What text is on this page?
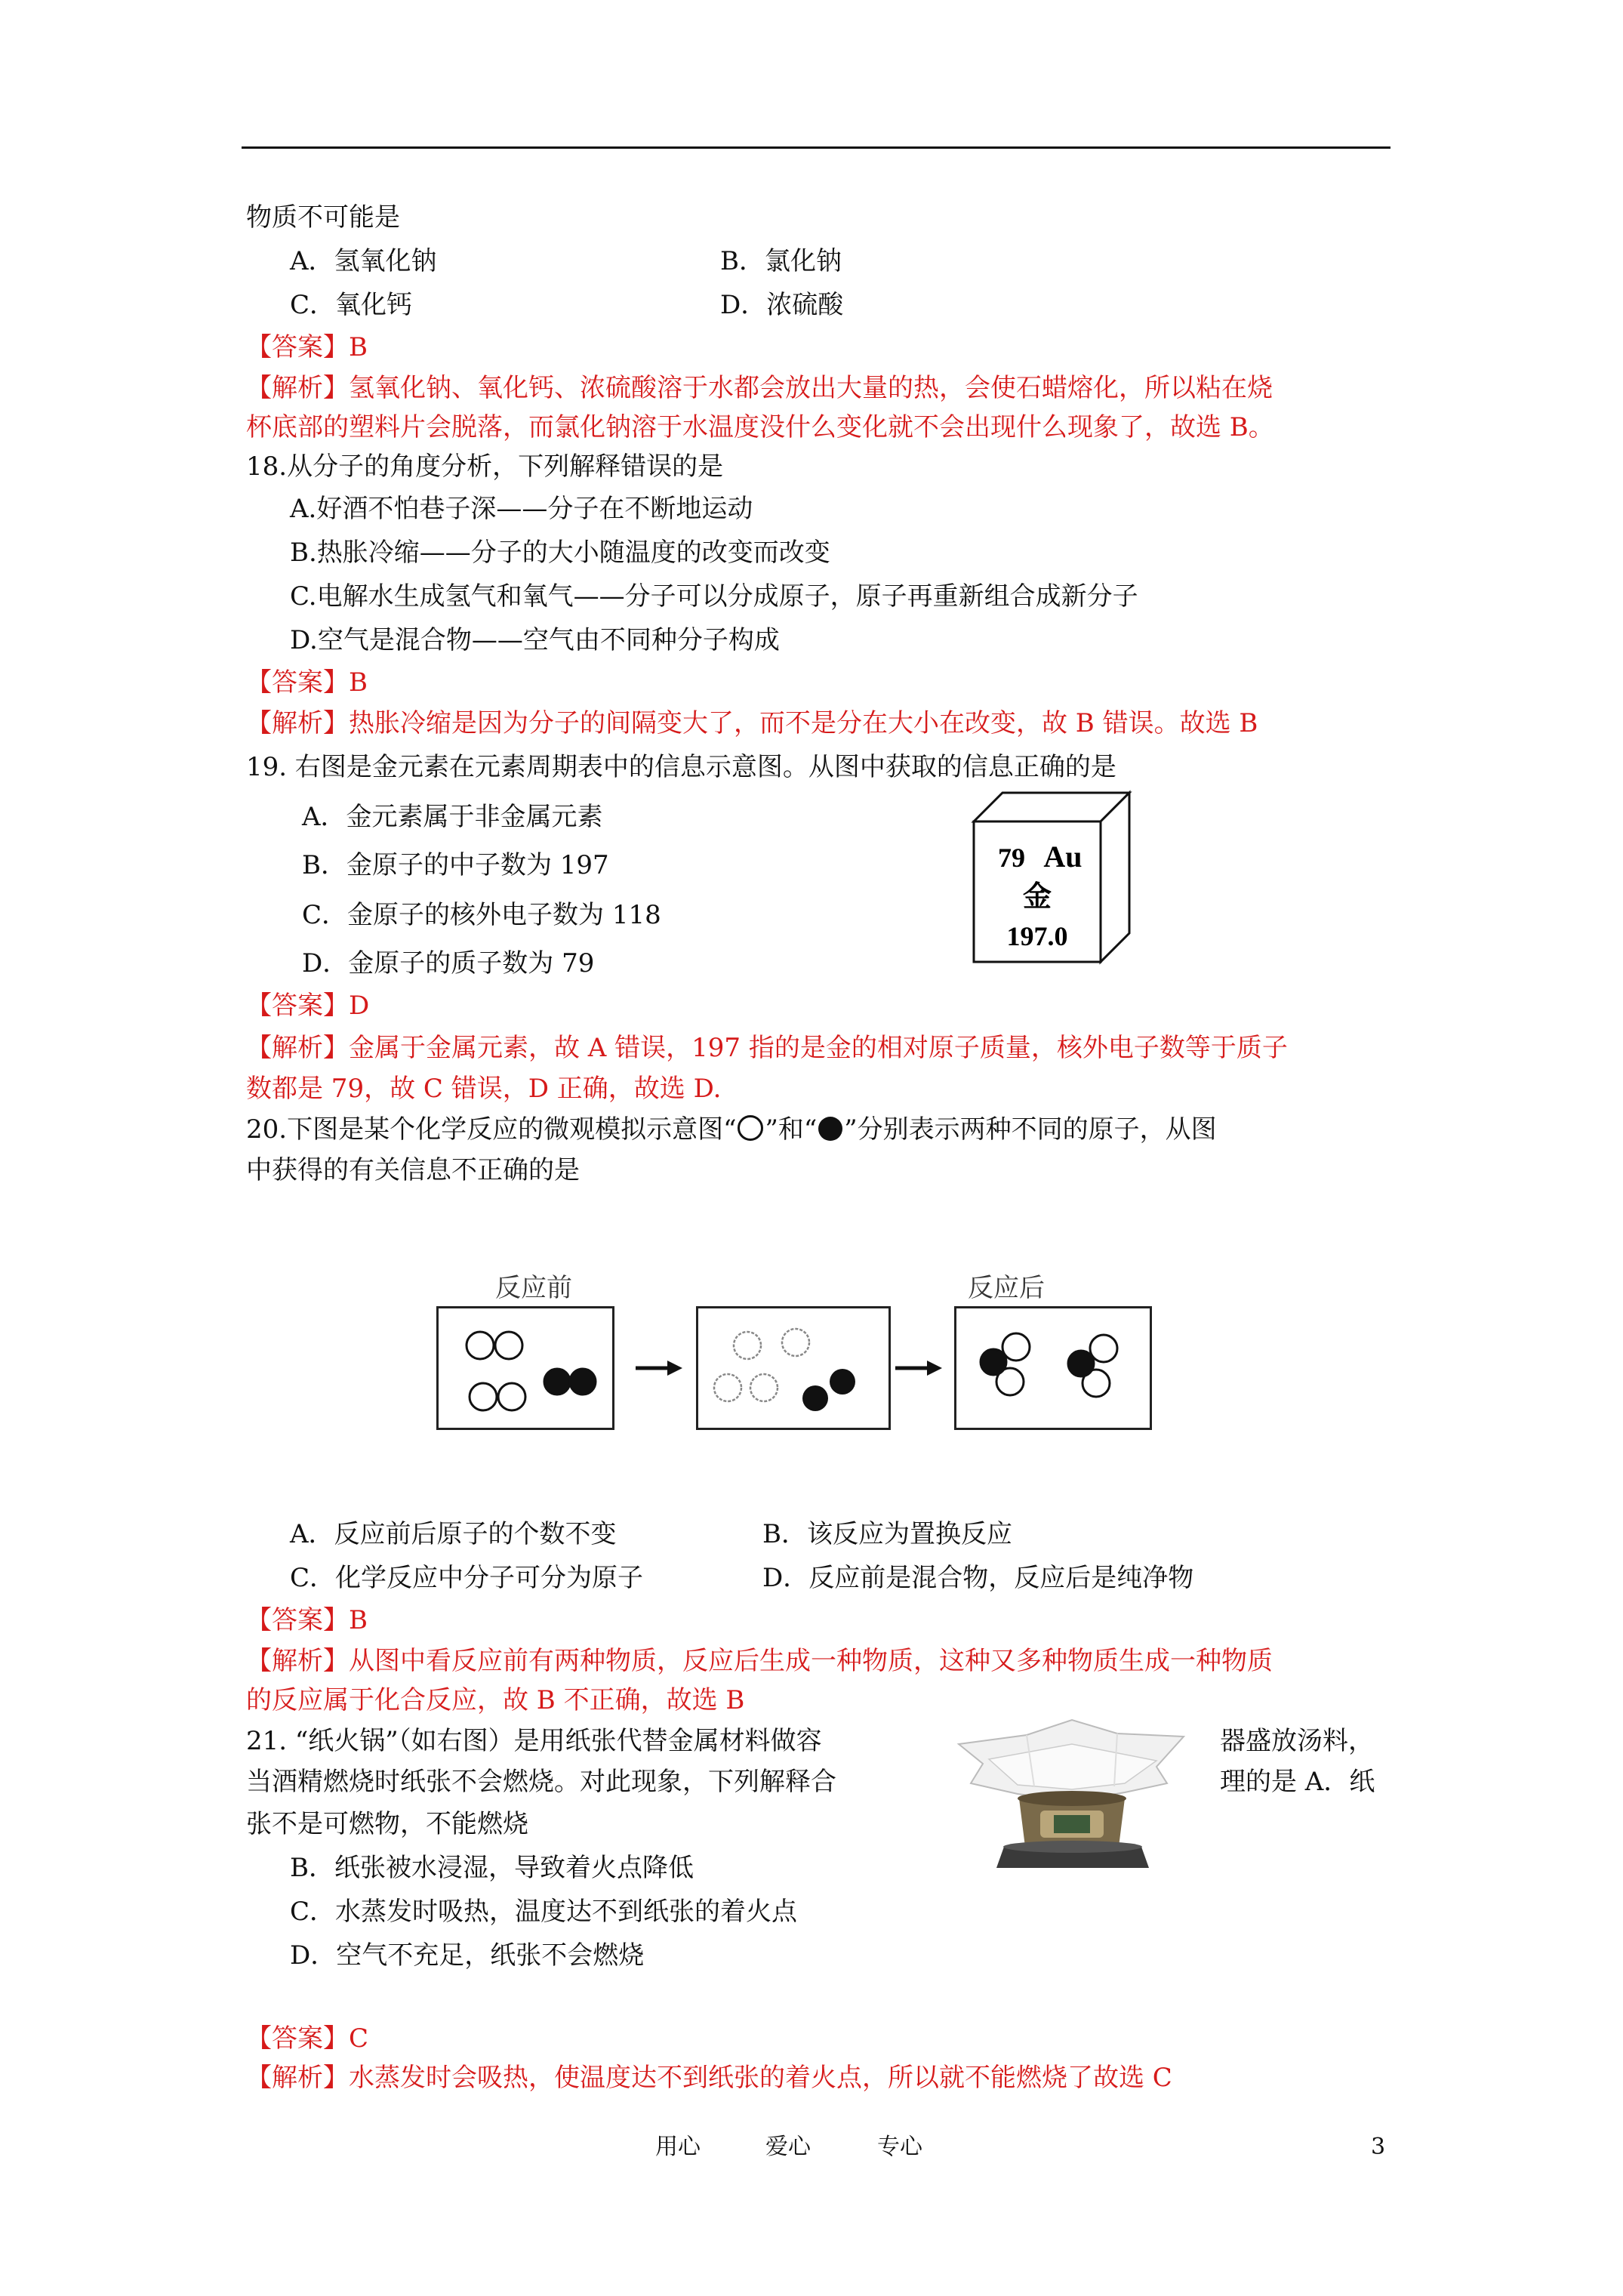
物质不可能是
A．氢氧化钠	B．氯化钠
C．氧化钙	D．浓硫酸
【答案】B
【解析】氢氧化钠、氧化钙、浓硫酸溶于水都会放出大量的热，会使石蜡熔化，所以粘在烧
杯底部的塑料片会脱落，而氯化钠溶于水温度没什么变化就不会出现什么现象了，故选 B。
18.从分子的角度分析，下列解释错误的是
A.好酒不怕巷子深——分子在不断地运动
B.热胀冷缩——分子的大小随温度的改变而改变
C.电解水生成氢气和氧气——分子可以分成原子，原子再重新组合成新分子
D.空气是混合物——空气由不同种分子构成
【答案】B
【解析】热胀冷缩是因为分子的间隔变大了，而不是分在大小在改变，故 B 错误。故选 B
19. 右图是金元素在元素周期表中的信息示意图。从图中获取的信息正确的是
A．金元素属于非金属元素
B．金原子的中子数为 197
C．金原子的核外电子数为 118
D．金原子的质子数为 79
79 Au
金
197.0
【答案】D
【解析】金属于金属元素，故 A 错误，197 指的是金的相对原子质量，核外电子数等于质子
数都是 79，故 C 错误，D 正确，故选 D.
20.下图是某个化学反应的微观模拟示意图“ ”和“ ”分别表示两种不同的原子，从图
中获得的有关信息不正确的是
反应前	反应后
A．反应前后原子的个数不变	B．该反应为置换反应
C．化学反应中分子可分为原子	D．反应前是混合物，反应后是纯净物
【答案】B
【解析】从图中看反应前有两种物质，反应后生成一种物质，这种又多种物质生成一种物质
的反应属于化合反应，故 B 不正确，故选 B
21. “纸火锅”（如右图）是用纸张代替金属材料做容	器盛放汤料，
当酒精燃烧时纸张不会燃烧。对此现象，下列解释合	理的是 A．纸
张不是可燃物，不能燃烧
B．纸张被水浸湿，导致着火点降低
C．水蒸发时吸热，温度达不到纸张的着火点
D．空气不充足，纸张不会燃烧
【答案】C
【解析】水蒸发时会吸热，使温度达不到纸张的着火点，所以就不能燃烧了故选 C
用心	爱心	专心	3
